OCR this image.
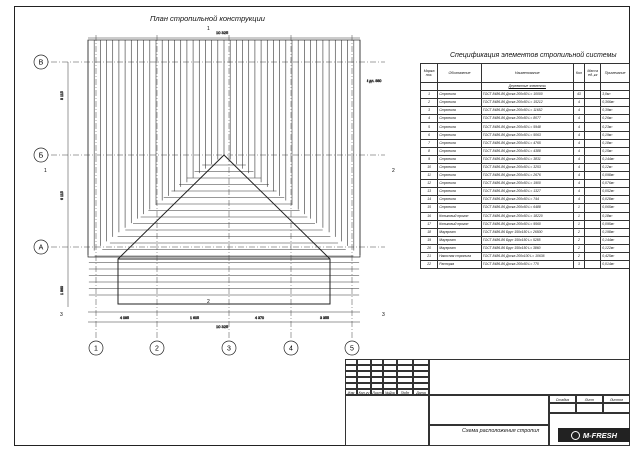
План стропильной конструкции
10 325
10 325
4 085	1 605	4 370	3 355
8 115
6 115
1 860
ℓ дл. 880
В
Б
А
1	2	3	4	5
1
2
3	3
1	2
Спецификация элементов стропильной системы
Марка поз.	Обозначение	Наименование	Кол	Масса ед.,кг	Примечание
		Деревянные элементы			
1	Стропила	ГОСТ 8486-86 Доска 200х50 L= 10000	43		3,0м³
2	Стропила	ГОСТ 8486-86 Доска 200х50 L= 15212	4		0,366м³
3	Стропила	ГОСТ 8486-86 Доска 200х50 L= 11652	4		0,39м³
4	Стропила	ГОСТ 8486-86 Доска 200х50 L= 8077	4		0,26м³
5	Стропила	ГОСТ 8486-86 Доска 200х50 L= 5948	4		0,23м³
6	Стропила	ГОСТ 8486-86 Доска 200х50 L= 5063	4		0,19м³
7	Стропила	ГОСТ 8486-86 Доска 200х50 L= 4765	4		0,18м³
8	Стропила	ГОСТ 8486-86 Доска 200х50 L= 4388	4		0,15м³
9	Стропила	ГОСТ 8486-86 Доска 200х50 L= 3831	4		0,144м³
10	Стропила	ГОСТ 8486-86 Доска 200х50 L= 3253	4		0,12м³
11	Стропила	ГОСТ 8486-86 Доска 200х50 L= 2676	4		0,098м³
12	Стропила	ГОСТ 8486-86 Доска 200х50 L= 1900	4		0,076м³
13	Стропила	ГОСТ 8486-86 Доска 200х50 L= 1327	4		0,052м³
14	Стропила	ГОСТ 8486-86 Доска 200х50 L= 744	4		0,028м³
15	Стропила	ГОСТ 8486-86 Доска 200х50 L= 6488	1		0,065м³
16	Коньковый прогон	ГОСТ 8486-86 Доска 200х50 L= 18220	1		0,18м³
17	Коньковый прогон	ГОСТ 8486-86 Доска 200х50 L= 9560	1		0,095м³
18	Мауэрлат	ГОСТ 8486-86 Брус 150х150 L= 26500	2		0,198м³
19	Мауэрлат	ГОСТ 8486-86 Брус 150х150 L= 5285	2		0,144м³
20	Мауэрлат	ГОСТ 8486-86 Брус 150х150 L= 3860	2		0,122м³
21	Накосная стропила	ГОСТ 8486-86 Доска 200х100 L= 10636	2		0,425м³
22	Распорка	ГОСТ 8486-86 Доска 200х50 L= 770	3		0,014м³
Изм	Кол.уч Лист №Док	Подп	Дата
Стадия	Лист	Листов
Схема расположения стропил	M-FRESH
